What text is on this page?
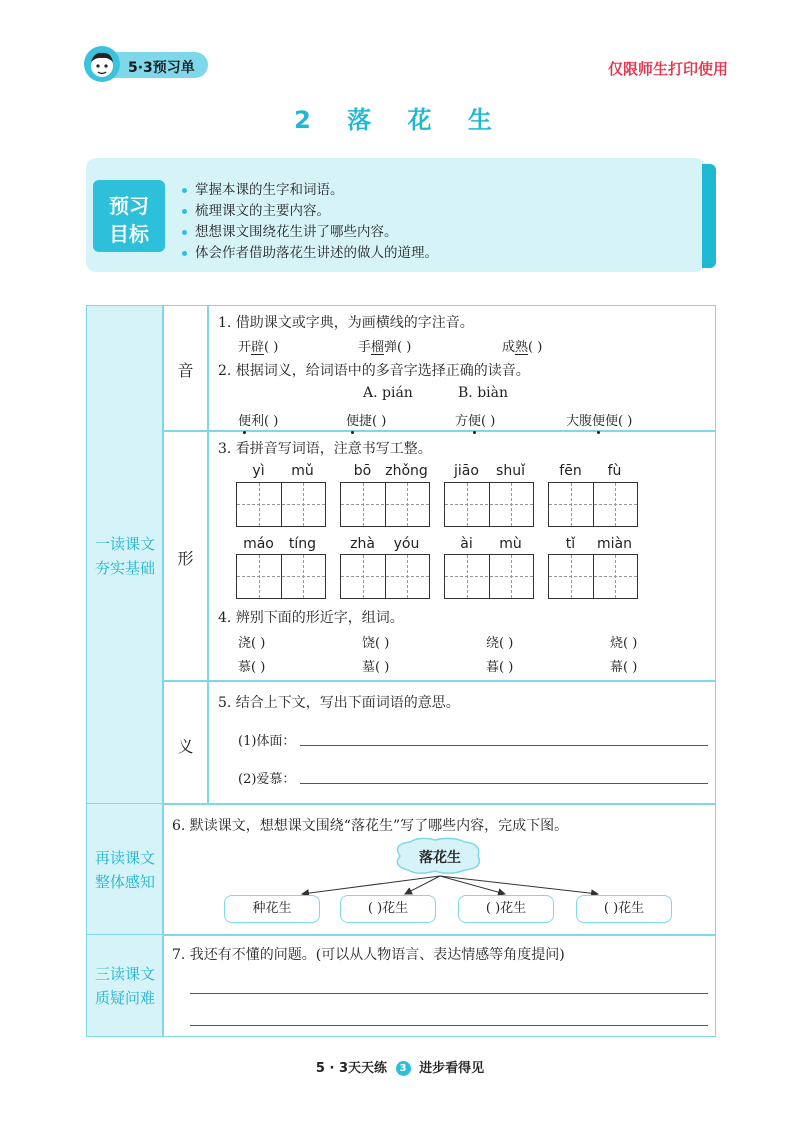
5·3预习单	仅限师生打印使用
2 落 花 生
预习
目标
掌握本课的生字和词语。
梳理课文的主要内容。
想想课文围绕花生讲了哪些内容。
体会作者借助落花生讲述的做人的道理。
一读课文
夯实基础
音
形
义
1. 借助课文或字典，为画横线的字注音。
开辟( )	手榴弹( )	成熟( )
2. 根据词义，给词语中的多音字选择正确的读音。
A. pián	B. biàn
便利( )	便捷( )	方便( )	大腹便便( )
3. 看拼音写词语，注意书写工整。
yì	mǔ	bō	zhǒng	jiāo	shuǐ	fēn	fù
máo	tíng	zhà	yóu	ài	mù	tǐ	miàn
4. 辨别下面的形近字，组词。
浇( )	饶( )	绕( )	烧( )
慕( )	墓( )	暮( )	幕( )
5. 结合上下文，写出下面词语的意思。
(1)体面：
(2)爱慕：
再读课文
整体感知
6. 默读课文，想想课文围绕“落花生”写了哪些内容，完成下图。
落花生
种花生	( )花生	( )花生	( )花生
三读课文
质疑问难
7. 我还有不懂的问题。(可以从人物语言、表达情感等角度提问)
5 · 3天天练 3 进步看得见
